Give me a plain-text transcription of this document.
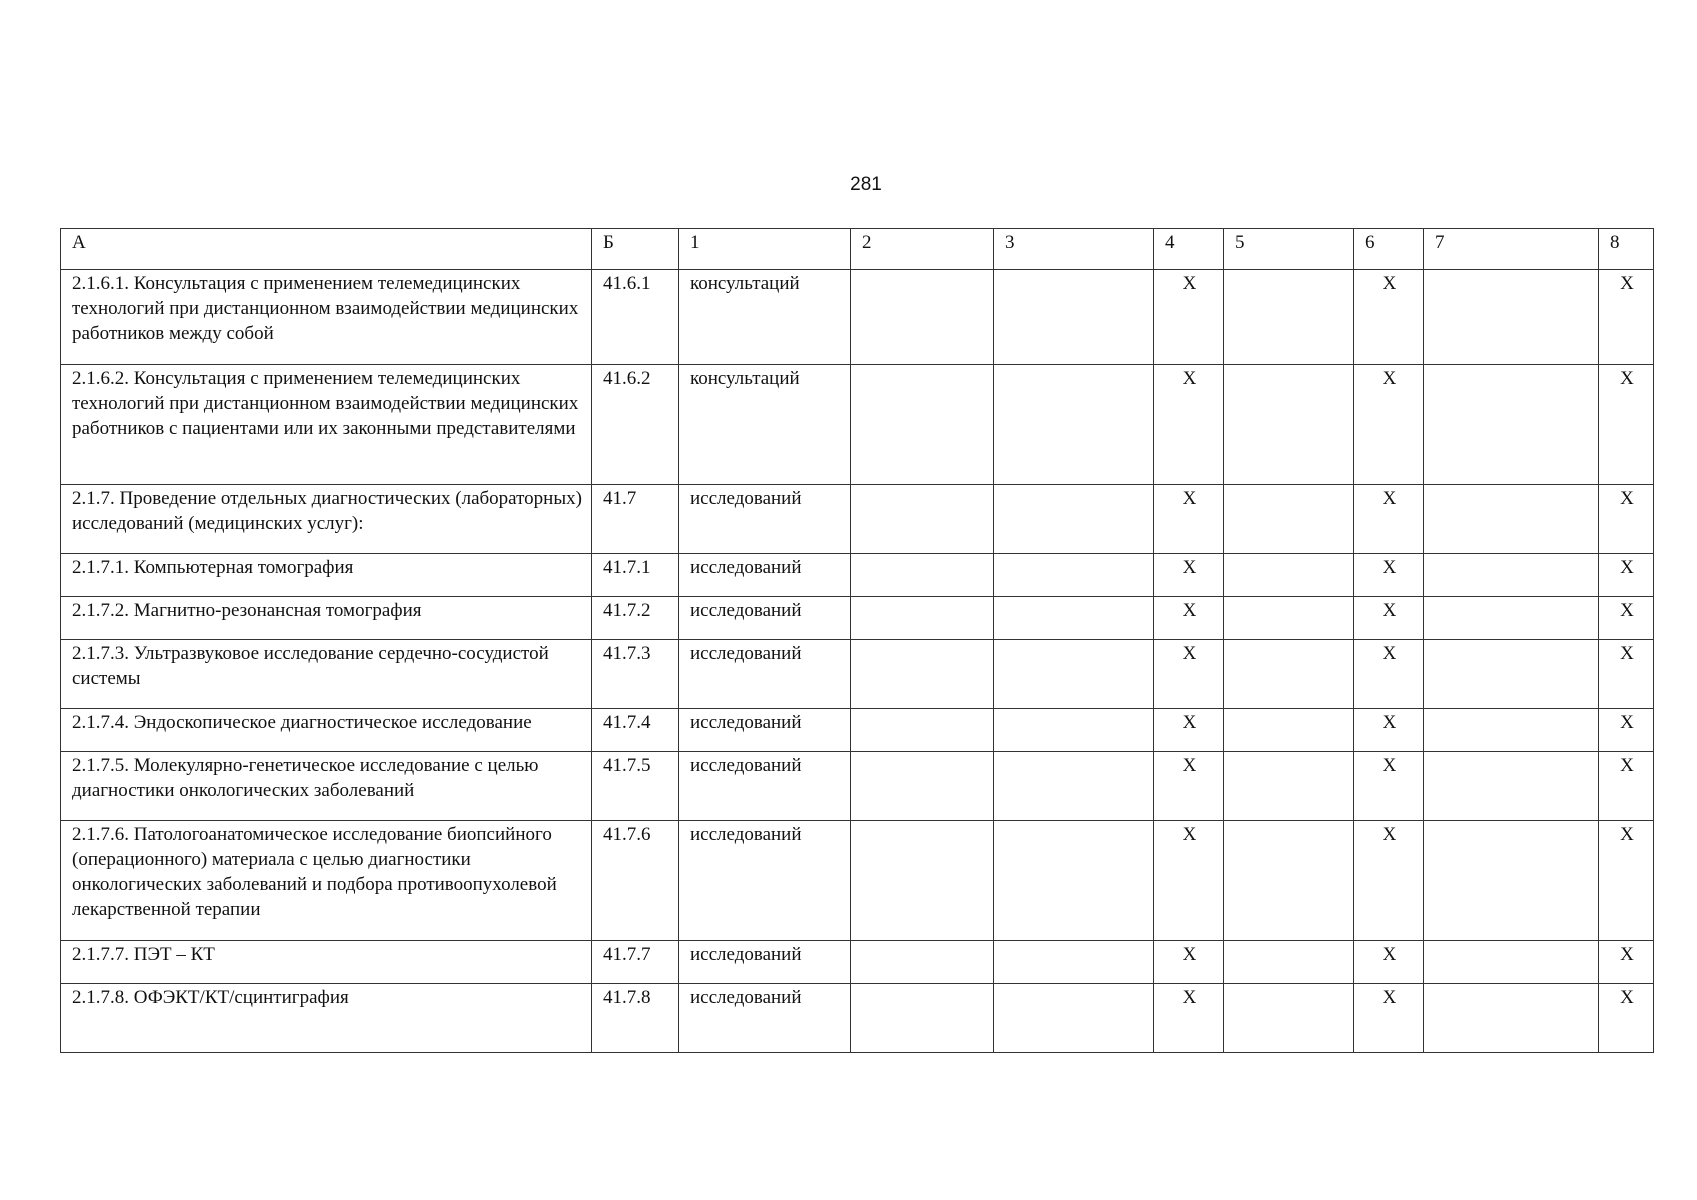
281
А	Б	1	2	3	4	5	6	7	8
2.1.6.1. Консультация с применением телемедицинских технологий при дистанционном взаимодействии медицинских работников между собой	41.6.1	консультаций			X		X		X
2.1.6.2. Консультация с применением телемедицинских технологий при дистанционном взаимодействии медицинских работников с пациентами или их законными представителями	41.6.2	консультаций			X		X		X
2.1.7. Проведение отдельных диагностических (лабораторных) исследований (медицинских услуг):	41.7	исследований			X		X		X
2.1.7.1. Компьютерная томография	41.7.1	исследований			X		X		X
2.1.7.2. Магнитно-резонансная томография	41.7.2	исследований			X		X		X
2.1.7.3. Ультразвуковое исследование сердечно-сосудистой системы	41.7.3	исследований			X		X		X
2.1.7.4. Эндоскопическое диагностическое исследование	41.7.4	исследований			X		X		X
2.1.7.5. Молекулярно-генетическое исследование с целью диагностики онкологических заболеваний	41.7.5	исследований			X		X		X
2.1.7.6. Патологоанатомическое исследование биопсийного (операционного) материала с целью диагностики онкологических заболеваний и подбора противоопухолевой лекарственной терапии	41.7.6	исследований			X		X		X
2.1.7.7. ПЭТ – КТ	41.7.7	исследований			X		X		X
2.1.7.8. ОФЭКТ/КТ/сцинтиграфия	41.7.8	исследований			X		X		X
